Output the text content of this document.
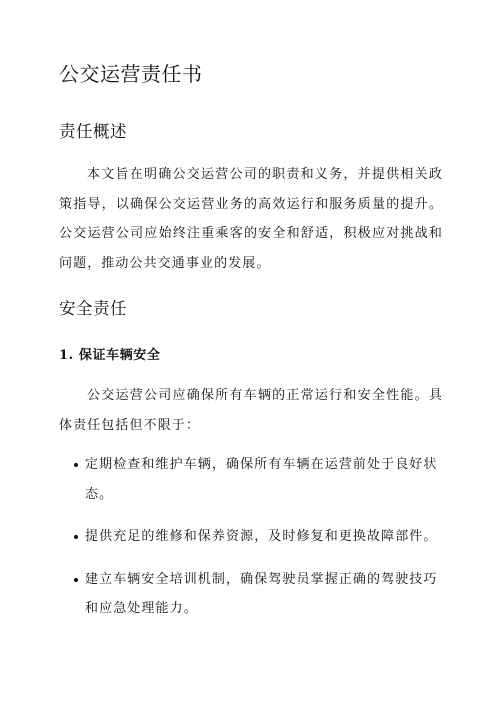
公交运营责任书
责任概述
本文旨在明确公交运营公司的职责和义务，并提供相关政策指导，以确保公交运营业务的高效运行和服务质量的提升。公交运营公司应始终注重乘客的安全和舒适，积极应对挑战和问题，推动公共交通事业的发展。
安全责任
1. 保证车辆安全
公交运营公司应确保所有车辆的正常运行和安全性能。具体责任包括但不限于：
定期检查和维护车辆，确保所有车辆在运营前处于良好状态。
提供充足的维修和保养资源，及时修复和更换故障部件。
建立车辆安全培训机制，确保驾驶员掌握正确的驾驶技巧和应急处理能力。
